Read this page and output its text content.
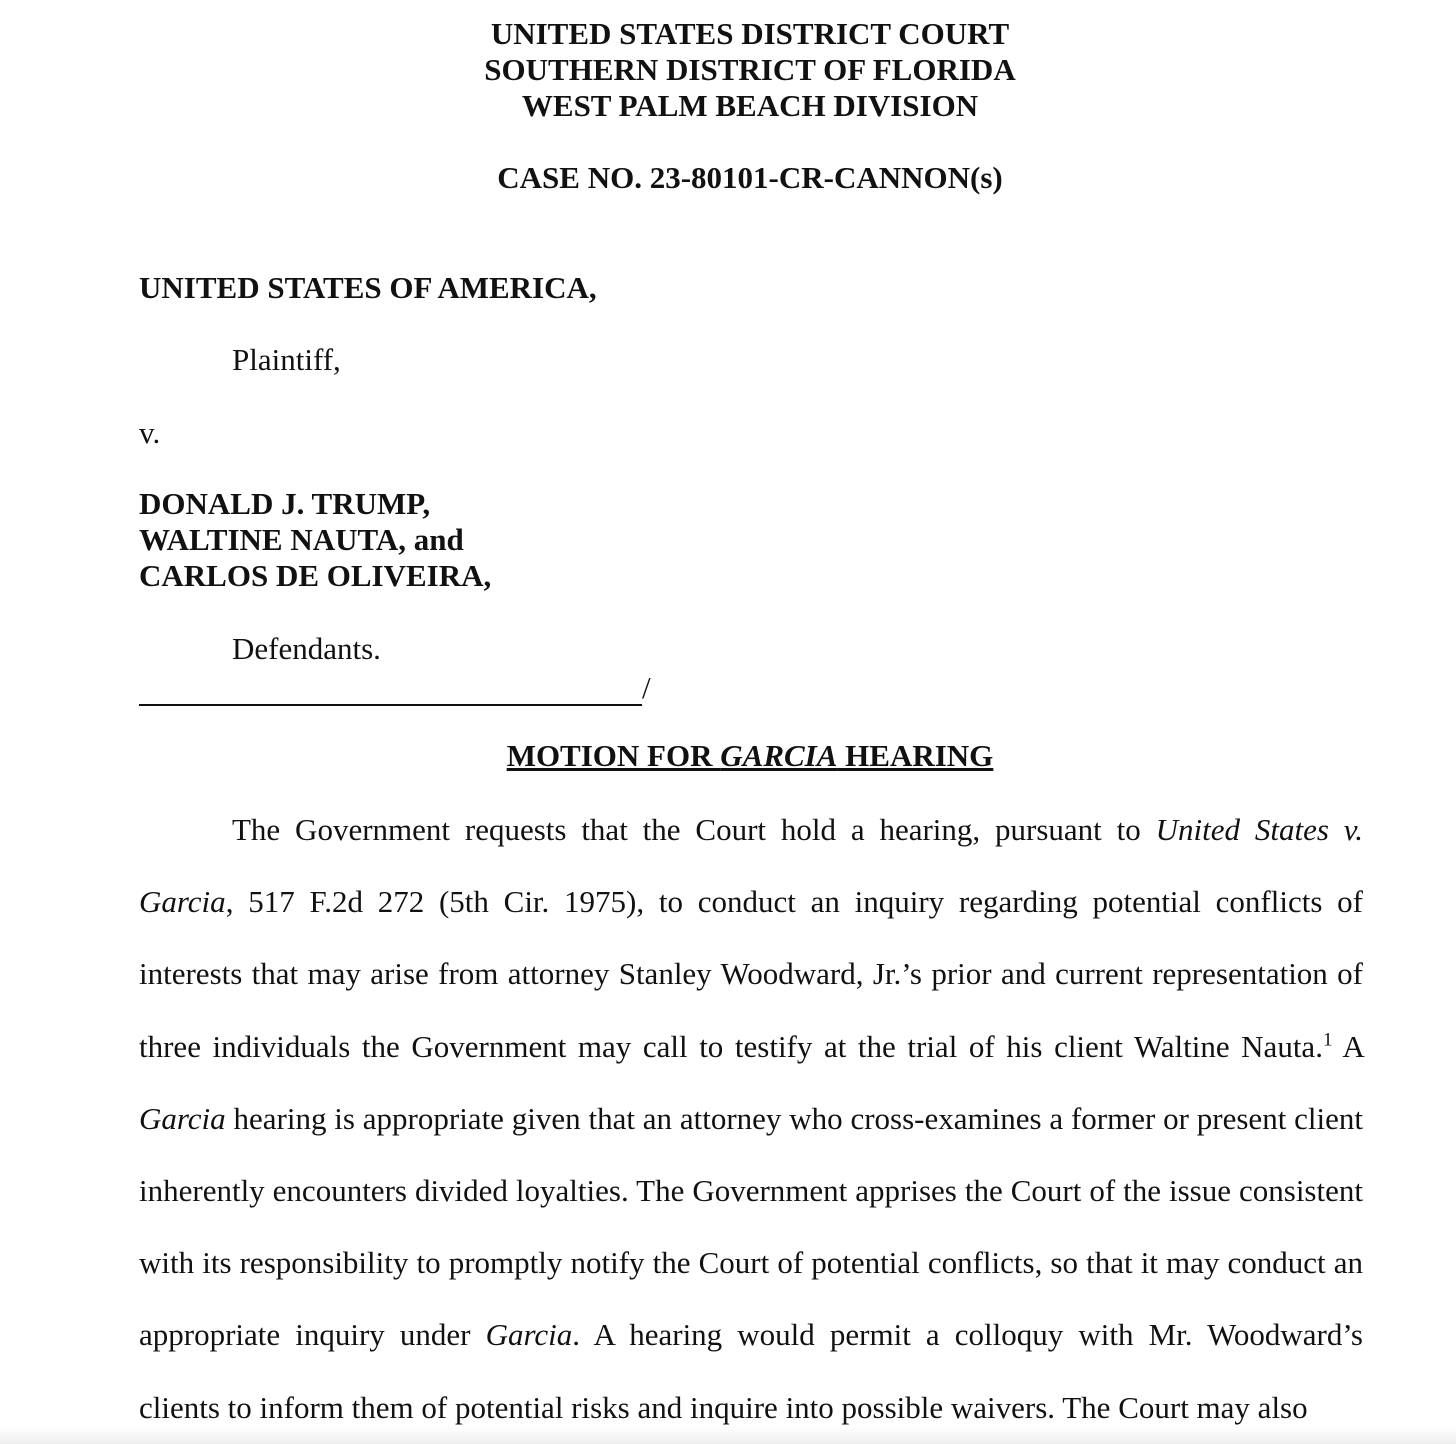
UNITED STATES DISTRICT COURT
SOUTHERN DISTRICT OF FLORIDA
WEST PALM BEACH DIVISION
CASE NO. 23-80101-CR-CANNON(s)
UNITED STATES OF AMERICA,
Plaintiff,
v.
DONALD J. TRUMP,
WALTINE NAUTA, and
CARLOS DE OLIVEIRA,
Defendants.
/
MOTION FOR GARCIA HEARING

The Government requests that the Court hold a hearing, pursuant to United States v. Garcia, 517 F.2d 272 (5th Cir. 1975), to conduct an inquiry regarding potential conflicts of interests that may arise from attorney Stanley Woodward, Jr.’s prior and current representation of three individuals the Government may call to testify at the trial of his client Waltine Nauta.$^1$ A Garcia hearing is appropriate given that an attorney who cross-examines a former or present client inherently encounters divided loyalties. The Government apprises the Court of the issue consistent with its responsibility to promptly notify the Court of potential conflicts, so that it may conduct an appropriate inquiry under Garcia. A hearing would permit a colloquy with Mr. Woodward’s clients to inform them of potential risks and inquire into possible waivers. The Court may also
